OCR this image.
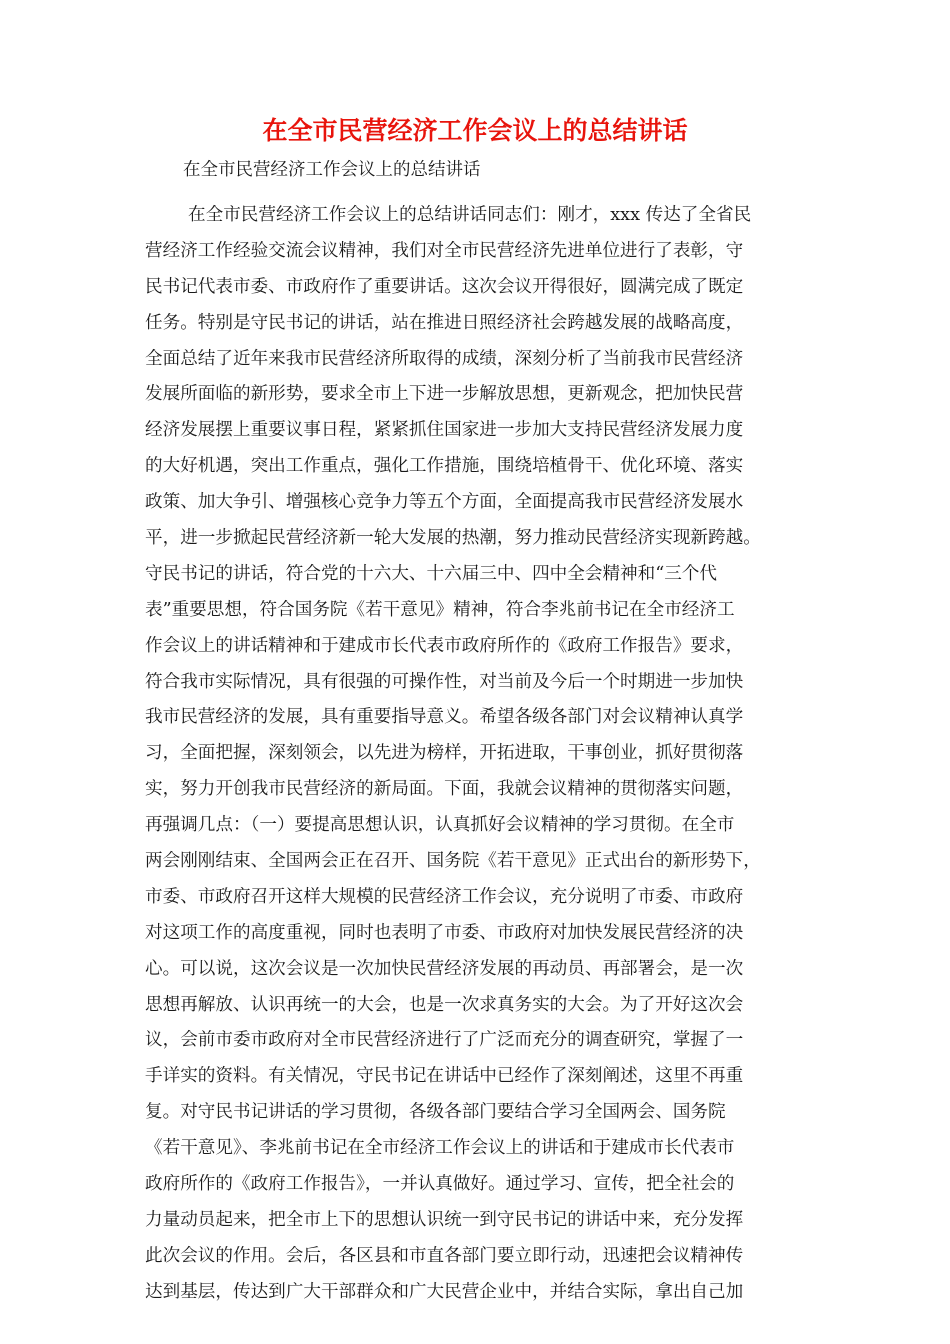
在全市民营经济工作会议上的总结讲话

在全市民营经济工作会议上的总结讲话

在全市民营经济工作会议上的总结讲话同志们：刚才，xxx 传达了全省民
营经济工作经验交流会议精神，我们对全市民营经济先进单位进行了表彰，守
民书记代表市委、市政府作了重要讲话。这次会议开得很好，圆满完成了既定
任务。特别是守民书记的讲话，站在推进日照经济社会跨越发展的战略高度，
全面总结了近年来我市民营经济所取得的成绩，深刻分析了当前我市民营经济
发展所面临的新形势，要求全市上下进一步解放思想，更新观念，把加快民营
经济发展摆上重要议事日程，紧紧抓住国家进一步加大支持民营经济发展力度
的大好机遇，突出工作重点，强化工作措施，围绕培植骨干、优化环境、落实
政策、加大争引、增强核心竞争力等五个方面，全面提高我市民营经济发展水
平，进一步掀起民营经济新一轮大发展的热潮，努力推动民营经济实现新跨越。
守民书记的讲话，符合党的十六大、十六届三中、四中全会精神和“三个代
表”重要思想，符合国务院《若干意见》精神，符合李兆前书记在全市经济工
作会议上的讲话精神和于建成市长代表市政府所作的《政府工作报告》要求，
符合我市实际情况，具有很强的可操作性，对当前及今后一个时期进一步加快
我市民营经济的发展，具有重要指导意义。希望各级各部门对会议精神认真学
习，全面把握，深刻领会，以先进为榜样，开拓进取，干事创业，抓好贯彻落
实，努力开创我市民营经济的新局面。下面，我就会议精神的贯彻落实问题，
再强调几点：（一）要提高思想认识，认真抓好会议精神的学习贯彻。在全市
两会刚刚结束、全国两会正在召开、国务院《若干意见》正式出台的新形势下，
市委、市政府召开这样大规模的民营经济工作会议，充分说明了市委、市政府
对这项工作的高度重视，同时也表明了市委、市政府对加快发展民营经济的决
心。可以说，这次会议是一次加快民营经济发展的再动员、再部署会，是一次
思想再解放、认识再统一的大会，也是一次求真务实的大会。为了开好这次会
议，会前市委市政府对全市民营经济进行了广泛而充分的调查研究，掌握了一
手详实的资料。有关情况，守民书记在讲话中已经作了深刻阐述，这里不再重
复。对守民书记讲话的学习贯彻，各级各部门要结合学习全国两会、国务院
《若干意见》、李兆前书记在全市经济工作会议上的讲话和于建成市长代表市
政府所作的《政府工作报告》，一并认真做好。通过学习、宣传，把全社会的
力量动员起来，把全市上下的思想认识统一到守民书记的讲话中来，充分发挥
此次会议的作用。会后，各区县和市直各部门要立即行动，迅速把会议精神传
达到基层，传达到广大干部群众和广大民营企业中，并结合实际，拿出自己加
